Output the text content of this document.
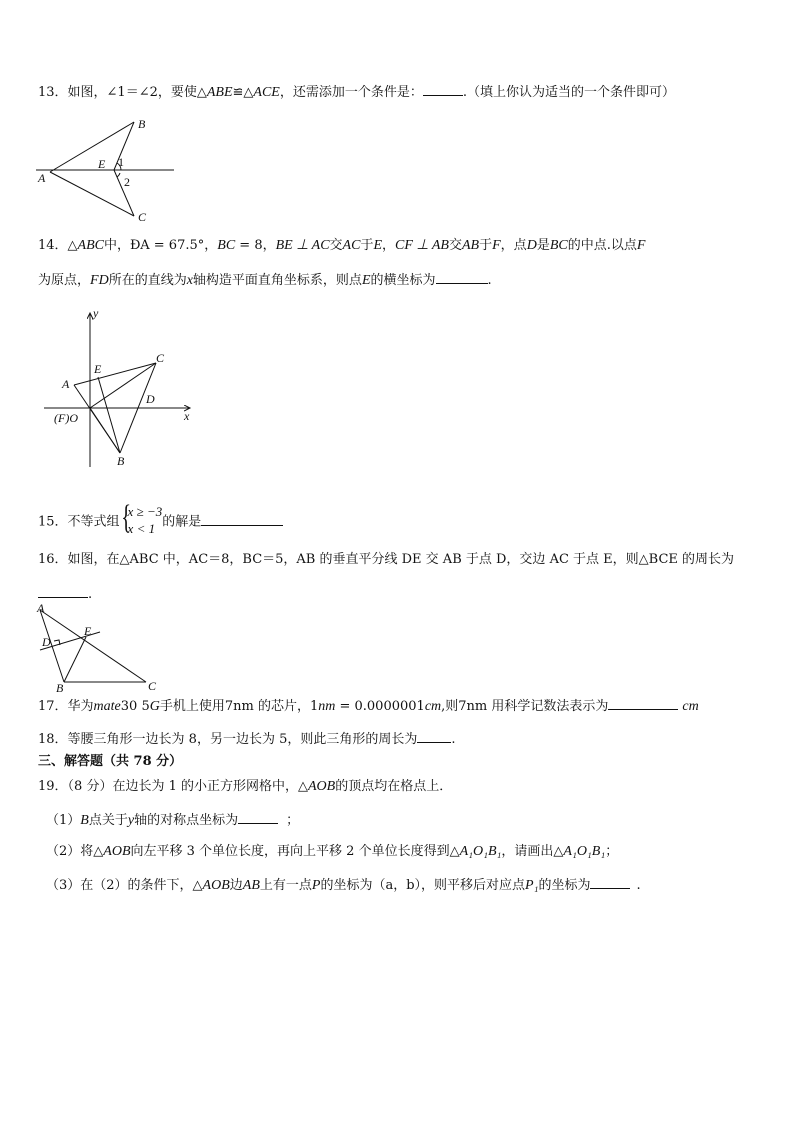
13．如图，∠1＝∠2，要使△ABE≌△ACE，还需添加一个条件是：	.（填上你认为适当的一个条件即可）
A
B
C
E 1
2
14．△ABC中，ÐA = 67.5°，BC = 8，BE ⊥ AC交AC于E，CF ⊥ AB交AB于F，点D是BC的中点.以点F
为原点，FD所在的直线为x轴构造平面直角坐标系，则点E的横坐标为	.
y
x
A
B
C
D
E
(F)O
15．不等式组 {
x ≥ −3
x < 1 的解是
16．如图，在△ABC 中，AC＝8，BC＝5，AB 的垂直平分线 DE 交 AB 于点 D，交边 AC 于点 E，则△BCE 的周长为
.
A
B	C
D
E
17．华为mate30 5G手机上使用7nm 的芯片，1nm = 0.0000001cm,则7nm 用科学记数法表示为	cm
18．等腰三角形一边长为 8，另一边长为 5，则此三角形的周长为	.
三、解答题（共 78 分）
19．（8 分）在边长为 1 的小正方形网格中，△AOB的顶点均在格点上．
（1）B点关于y轴的对称点坐标为	；
（2）将△AOB向左平移 3 个单位长度，再向上平移 2 个单位长度得到△A₁O₁B₁，请画出△A₁O₁B₁；
（3）在（2）的条件下，△AOB边AB上有一点P的坐标为（a，b），则平移后对应点P₁的坐标为	.
